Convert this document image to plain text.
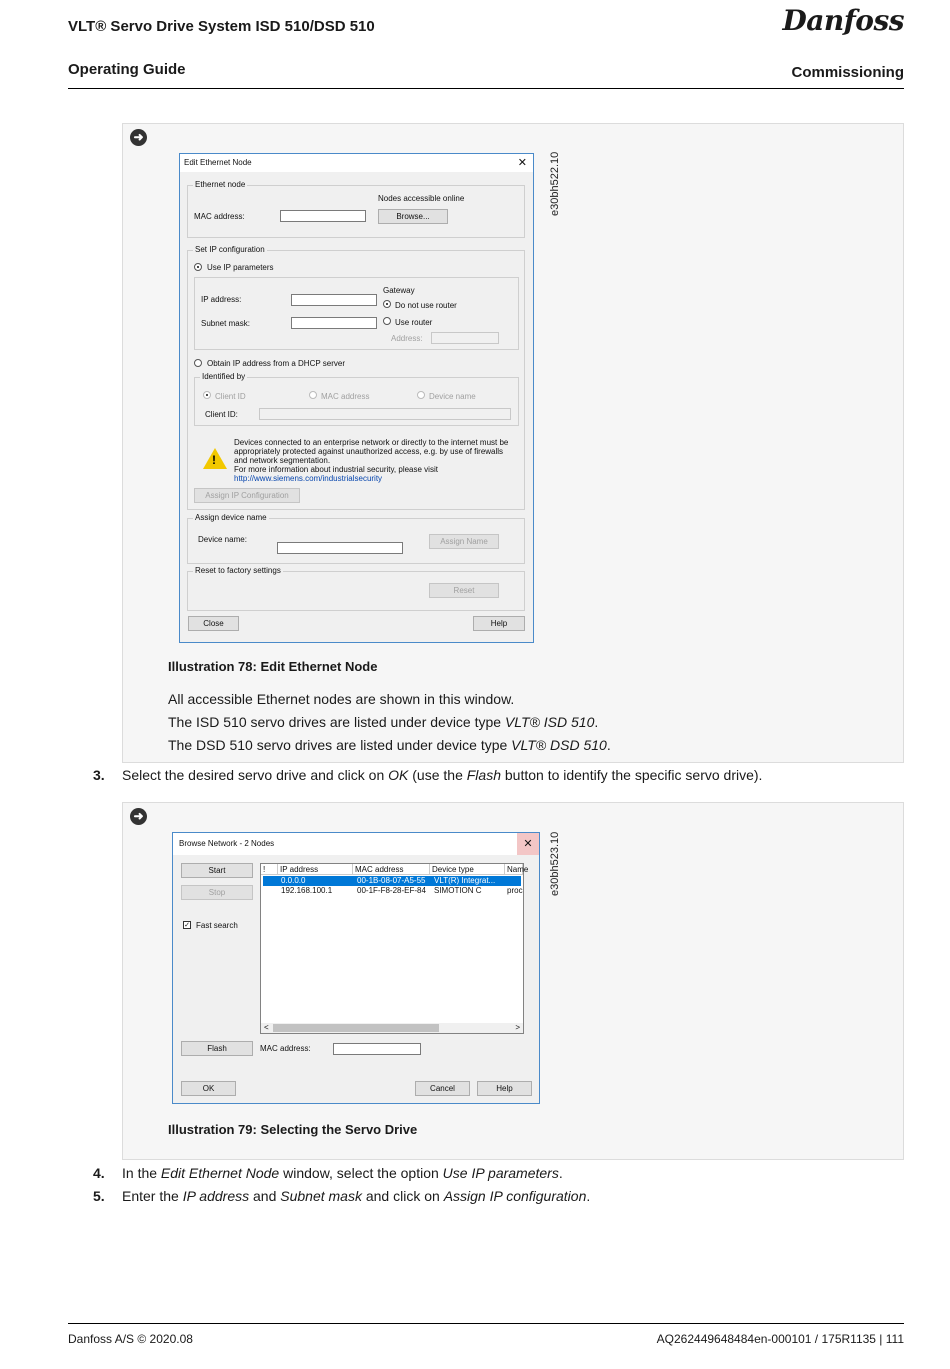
VLT® Servo Drive System ISD 510/DSD 510	Danfoss
Operating Guide	Commissioning
➜
e30bh522.10
Edit Ethernet Node	✕
Ethernet node
Nodes accessible online
MAC address:	Browse...
Set IP configuration
Use IP parameters
IP address:
Subnet mask:
Gateway
Do not use router
Use router
Address:
Obtain IP address from a DHCP server
Identified by
Client ID	MAC address	Device name
Client ID:
!
Devices connected to an enterprise network or directly to the internet must be
appropriately protected against unauthorized access, e.g. by use of firewalls
and network segmentation.
For more information about industrial security, please visit
http://www.siemens.com/industrialsecurity
Assign IP Configuration
Assign device name
Device name:	Assign Name
Reset to factory settings
Reset
Close	Help
Illustration 78: Edit Ethernet Node
All accessible Ethernet nodes are shown in this window.
The ISD 510 servo drives are listed under device type VLT® ISD 510.
The DSD 510 servo drives are listed under device type VLT® DSD 510.
3. Select the desired servo drive and click on OK (use the Flash button to identify the specific servo drive).
➜
e30bh523.10
Browse Network - 2 Nodes	✕
Start
Stop
✓ Fast search
!	IP address	MAC address	Device type	Name
0.0.0.0	00-1B-08-07-A5-55 VLT(R) Integrat...
192.168.100.1	00-1F-F8-28-EF-84 SIMOTION C	proc
<	>
Flash	MAC address:
OK	Cancel	Help
Illustration 79: Selecting the Servo Drive
4. In the Edit Ethernet Node window, select the option Use IP parameters.
5. Enter the IP address and Subnet mask and click on Assign IP configuration.
Danfoss A/S © 2020.08	AQ262449648484en-000101 / 175R1135 | 111
